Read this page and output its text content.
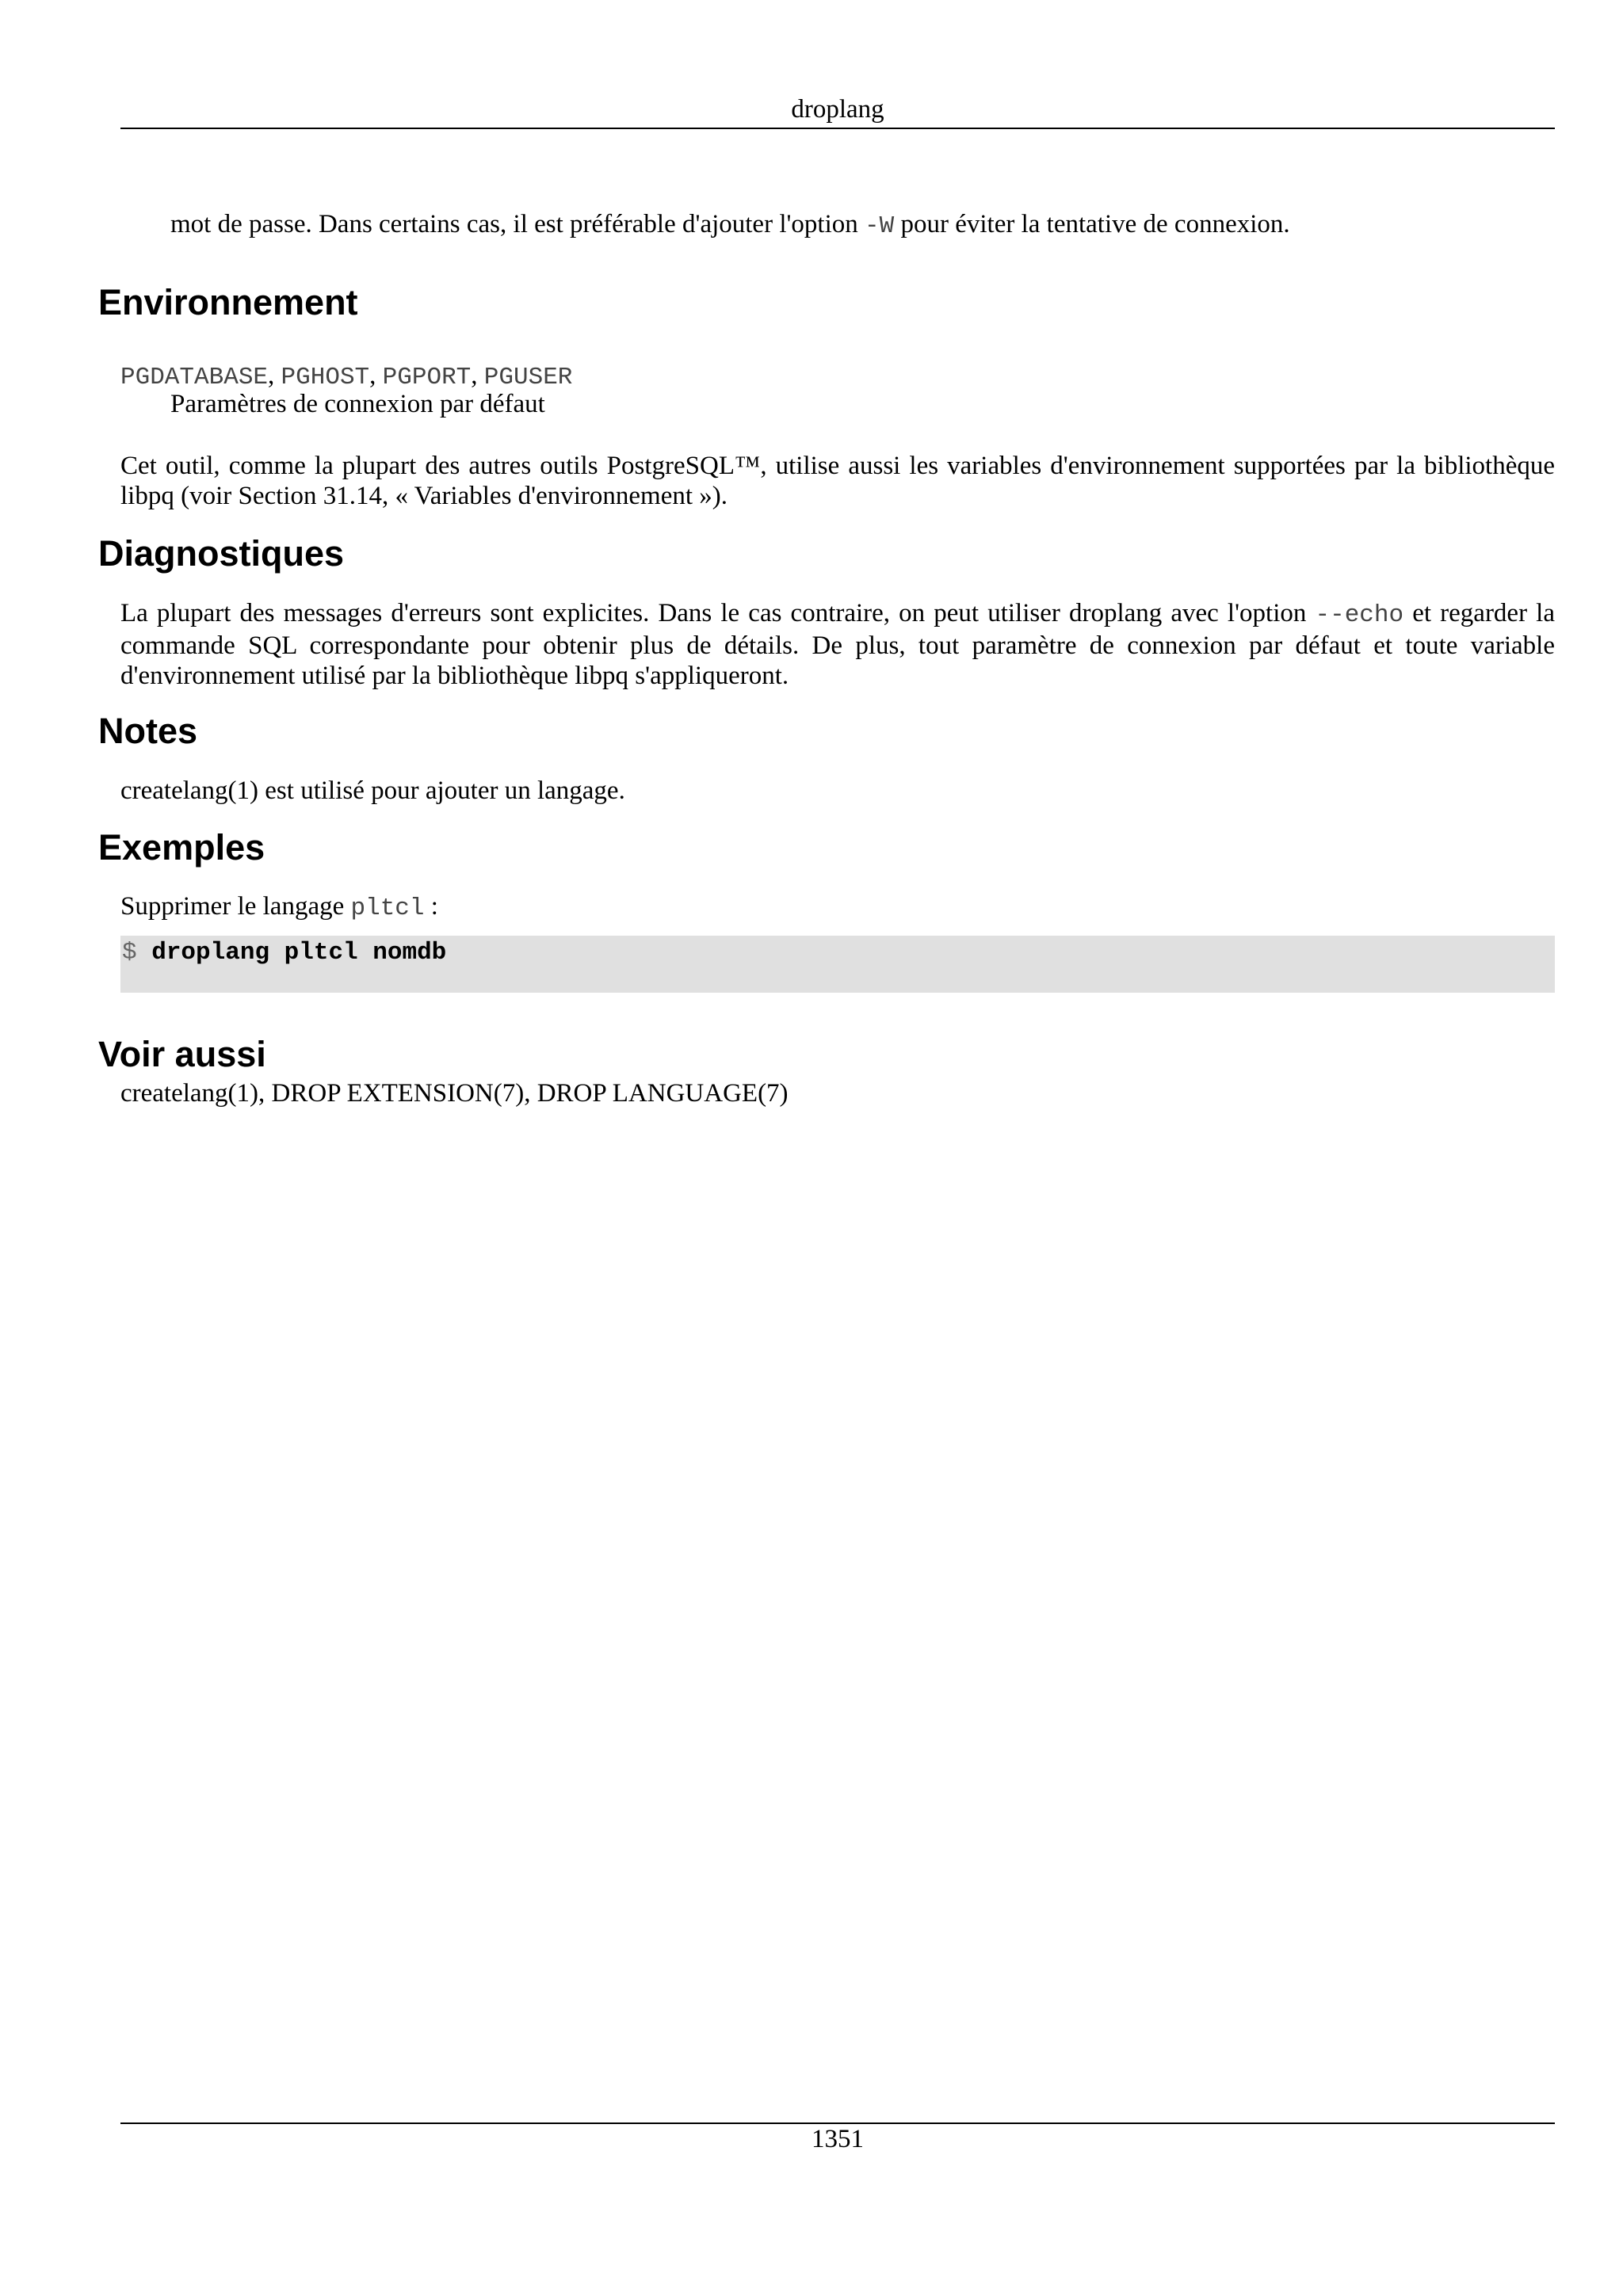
droplang
mot de passe. Dans certains cas, il est préférable d'ajouter l'option -W pour éviter la tentative de connexion.
Environnement
PGDATABASE, PGHOST, PGPORT, PGUSER
Paramètres de connexion par défaut
Cet outil, comme la plupart des autres outils PostgreSQL™, utilise aussi les variables d'environnement supportées par la bibliothèque libpq (voir Section 31.14, « Variables d'environnement »).
Diagnostiques
La plupart des messages d'erreurs sont explicites. Dans le cas contraire, on peut utiliser droplang avec l'option --echo et regarder la commande SQL correspondante pour obtenir plus de détails. De plus, tout paramètre de connexion par défaut et toute variable d'environnement utilisé par la bibliothèque libpq s'appliqueront.
Notes
createlang(1) est utilisé pour ajouter un langage.
Exemples
Supprimer le langage pltcl :
$ droplang pltcl nomdb
Voir aussi
createlang(1), DROP EXTENSION(7), DROP LANGUAGE(7)
1351
